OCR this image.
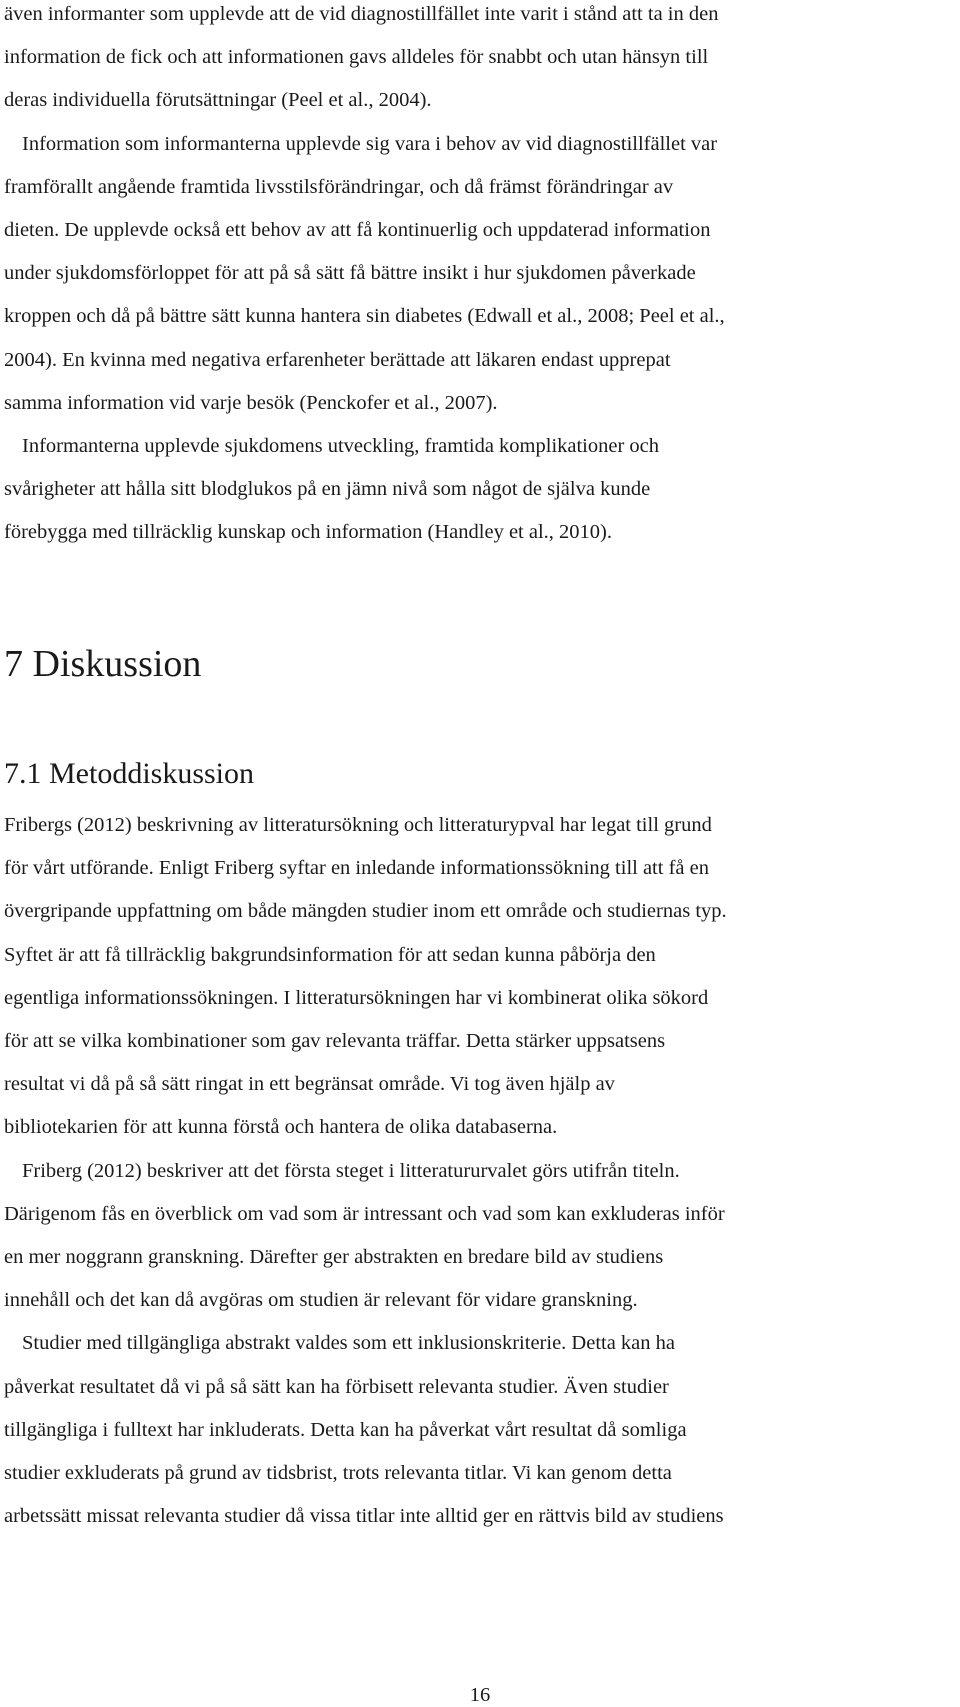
även informanter som upplevde att de vid diagnostillfället inte varit i stånd att ta in den
information de fick och att informationen gavs alldeles för snabbt och utan hänsyn till
deras individuella förutsättningar (Peel et al., 2004).
Information som informanterna upplevde sig vara i behov av vid diagnostillfället var
framförallt angående framtida livsstilsförändringar, och då främst förändringar av
dieten. De upplevde också ett behov av att få kontinuerlig och uppdaterad information
under sjukdomsförloppet för att på så sätt få bättre insikt i hur sjukdomen påverkade
kroppen och då på bättre sätt kunna hantera sin diabetes (Edwall et al., 2008; Peel et al.,
2004). En kvinna med negativa erfarenheter berättade att läkaren endast upprepat
samma information vid varje besök (Penckofer et al., 2007).
Informanterna upplevde sjukdomens utveckling, framtida komplikationer och
svårigheter att hålla sitt blodglukos på en jämn nivå som något de själva kunde
förebygga med tillräcklig kunskap och information (Handley et al., 2010).
7 Diskussion
7.1 Metoddiskussion
Fribergs (2012) beskrivning av litteratursökning och litteraturурval har legat till grund
för vårt utförande. Enligt Friberg syftar en inledande informationssökning till att få en
övergripande uppfattning om både mängden studier inom ett område och studiernas typ.
Syftet är att få tillräcklig bakgrundsinformation för att sedan kunna påbörja den
egentliga informationssökningen. I litteratursökningen har vi kombinerat olika sökord
för att se vilka kombinationer som gav relevanta träffar. Detta stärker uppsatsens
resultat vi då på så sätt ringat in ett begränsat område. Vi tog även hjälp av
bibliotekarien för att kunna förstå och hantera de olika databaserna.
Friberg (2012) beskriver att det första steget i litteratururvalet görs utifrån titeln.
Därigenom fås en överblick om vad som är intressant och vad som kan exkluderas inför
en mer noggrann granskning. Därefter ger abstrakten en bredare bild av studiens
innehåll och det kan då avgöras om studien är relevant för vidare granskning.
Studier med tillgängliga abstrakt valdes som ett inklusionskriterie. Detta kan ha
påverkat resultatet då vi på så sätt kan ha förbisett relevanta studier. Även studier
tillgängliga i fulltext har inkluderats. Detta kan ha påverkat vårt resultat då somliga
studier exkluderats på grund av tidsbrist, trots relevanta titlar. Vi kan genom detta
arbetssätt missat relevanta studier då vissa titlar inte alltid ger en rättvis bild av studiens

16
